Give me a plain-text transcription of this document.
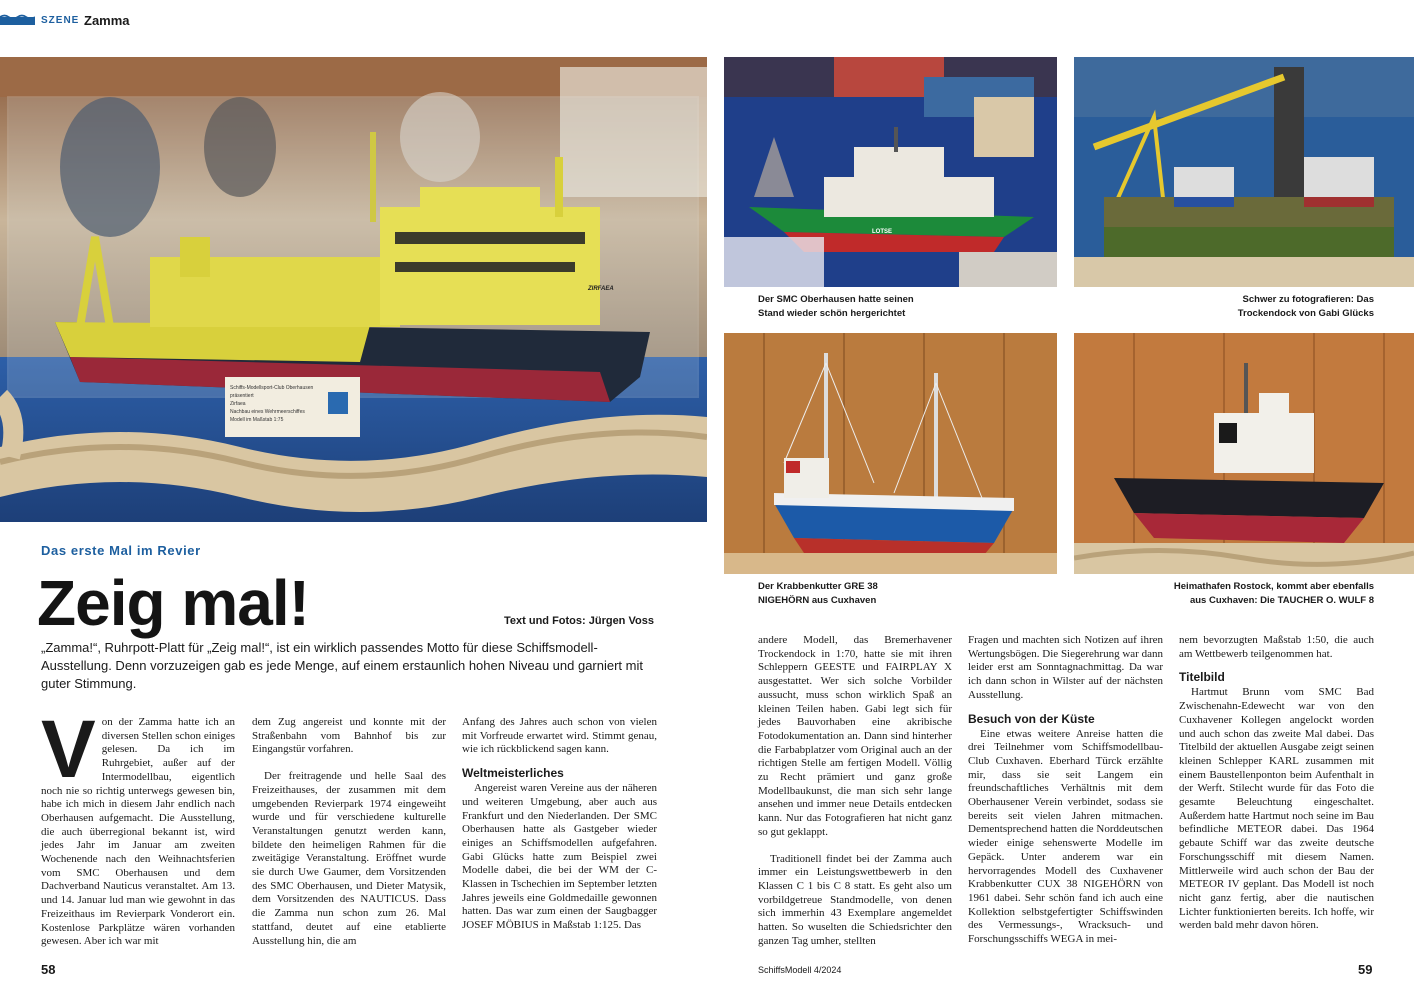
SZENE Zamma
ZIRFAEA
Schiffs-Modellsport-Club Oberhausen präsentiert
Zirfaea
Nachbau eines Wehrmeerschiffes
Modell im Maßstab 1:75
LOTSE
Der SMC Oberhausen hatte seinen
Stand wieder schön hergerichtet
Schwer zu fotografieren: Das
Trockendock von Gabi Glücks
Der Krabbenkutter GRE 38
NIGEHÖRN aus Cuxhaven
Heimathafen Rostock, kommt aber ebenfalls
aus Cuxhaven: Die TAUCHER O. WULF 8
Das erste Mal im Revier
Zeig mal!	Text und Fotos: Jürgen Voss

„Zamma!“, Ruhrpott-Platt für „Zeig mal!“, ist ein wirklich passendes Motto für diese Schiffsmodell-Ausstellung. Denn vorzuzeigen gab es jede Menge, auf einem erstaunlich hohen Niveau und garniert mit guter Stimmung.

Von der Zamma hatte ich an diversen Stellen schon einiges gelesen. Da ich im Ruhrgebiet, außer auf der Intermodellbau, eigentlich noch nie so richtig unterwegs gewesen bin, habe ich mich in diesem Jahr endlich nach Oberhausen aufgemacht. Die Ausstellung, die auch überregional bekannt ist, wird jedes Jahr im Januar am zweiten Wochenende nach den Weihnachtsferien vom SMC Oberhausen und dem Dachverband Nauticus veranstaltet. Am 13. und 14. Januar lud man wie gewohnt in das Freizeithaus im Revierpark Vonderort ein. Kostenlose Parkplätze wären vorhanden gewesen. Aber ich war mit

dem Zug angereist und konnte mit der Straßenbahn vom Bahnhof bis zur Eingangstür vorfahren.

Der freitragende und helle Saal des Freizeithauses, der zusammen mit dem umgebenden Revierpark 1974 eingeweiht wurde und für verschiedene kulturelle Veranstaltungen genutzt werden kann, bildete den heimeligen Rahmen für die zweitägige Veranstaltung. Eröffnet wurde sie durch Uwe Gaumer, dem Vorsitzenden des SMC Oberhausen, und Dieter Matysik, dem Vorsitzenden des NAUTICUS. Dass die Zamma nun schon zum 26. Mal stattfand, deutet auf eine etablierte Ausstellung hin, die am

Anfang des Jahres auch schon von vielen mit Vorfreude erwartet wird. Stimmt genau, wie ich rückblickend sagen kann.

Weltmeisterliches

Angereist waren Vereine aus der näheren und weiteren Umgebung, aber auch aus Frankfurt und den Niederlanden. Der SMC Oberhausen hatte als Gastgeber wieder einiges an Schiffsmodellen aufgefahren. Gabi Glücks hatte zum Beispiel zwei Modelle dabei, die bei der WM der C-Klassen in Tschechien im September letzten Jahres jeweils eine Goldmedaille gewonnen hatten. Das war zum einen der Saugbagger JOSEF MÖBIUS in Maßstab 1:125. Das

andere Modell, das Bremerhavener Trockendock in 1:70, hatte sie mit ihren Schleppern GEESTE und FAIRPLAY X ausgestattet. Wer sich solche Vorbilder aussucht, muss schon wirklich Spaß an kleinen Teilen haben. Gabi legt sich für jedes Bauvorhaben eine akribische Fotodokumentation an. Dann sind hinterher die Farbabplatzer vom Original auch an der richtigen Stelle am fertigen Modell. Völlig zu Recht prämiert und ganz große Modellbaukunst, die man sich sehr lange ansehen und immer neue Details entdecken kann. Nur das Fotografieren hat nicht ganz so gut geklappt.

Traditionell findet bei der Zamma auch immer ein Leistungswettbewerb in den Klassen C 1 bis C 8 statt. Es geht also um vorbildgetreue Standmodelle, von denen sich immerhin 43 Exemplare angemeldet hatten. So wuselten die Schiedsrichter den ganzen Tag umher, stellten

Fragen und machten sich Notizen auf ihren Wertungsbögen. Die Siegerehrung war dann leider erst am Sonntagnachmittag. Da war ich dann schon in Wilster auf der nächsten Ausstellung.

Besuch von der Küste

Eine etwas weitere Anreise hatten die drei Teilnehmer vom Schiffsmodellbau-Club Cuxhaven. Eberhard Türck erzählte mir, dass sie seit Langem ein freundschaftliches Verhältnis mit dem Oberhausener Verein verbindet, sodass sie bereits seit vielen Jahren mitmachen. Dementsprechend hatten die Norddeutschen wieder einige sehenswerte Modelle im Gepäck. Unter anderem war ein hervorragendes Modell des Cuxhavener Krabbenkutter CUX 38 NIGEHÖRN von 1961 dabei. Sehr schön fand ich auch eine Kollektion selbstgefertigter Schiffswinden des Vermessungs-, Wracksuch- und Forschungsschiffs WEGA in mei-

nem bevorzugten Maßstab 1:50, die auch am Wettbewerb teilgenommen hat.

Titelbild

Hartmut Brunn vom SMC Bad Zwischenahn-Edewecht war von den Cuxhavener Kollegen angelockt worden und auch schon das zweite Mal dabei. Das Titelbild der aktuellen Ausgabe zeigt seinen kleinen Schlepper KARL zusammen mit einem Baustellenponton beim Aufenthalt in der Werft. Stilecht wurde für das Foto die gesamte Beleuchtung eingeschaltet. Außerdem hatte Hartmut noch seine im Bau befindliche METEOR dabei. Das 1964 gebaute Schiff war das zweite deutsche Forschungsschiff mit diesem Namen. Mittlerweile wird auch schon der Bau der METEOR IV geplant. Das Modell ist noch nicht ganz fertig, aber die nautischen Lichter funktionierten bereits. Ich hoffe, wir werden bald mehr davon hören.

58	SchiffsModell 4/2024	59
